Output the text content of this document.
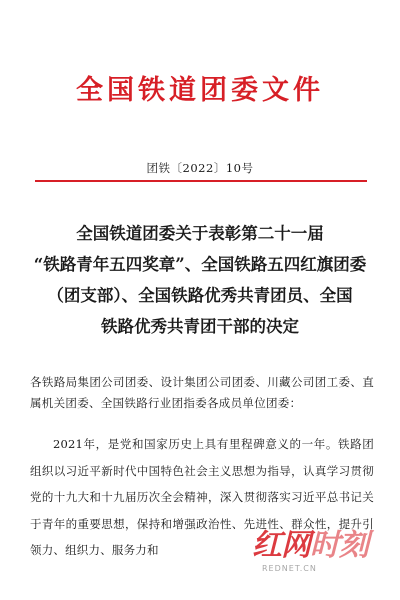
全国铁道团委文件
团铁〔2022〕10号
全国铁道团委关于表彰第二十一届
“铁路青年五四奖章”、全国铁路五四红旗团委
（团支部）、全国铁路优秀共青团员、全国
铁路优秀共青团干部的决定
各铁路局集团公司团委、设计集团公司团委、川藏公司团工委、直属机关团委、全国铁路行业团指委各成员单位团委：
2021年，是党和国家历史上具有里程碑意义的一年。铁路团组织以习近平新时代中国特色社会主义思想为指导，认真学习贯彻党的十九大和十九届历次全会精神，深入贯彻落实习近平总书记关于青年的重要思想，保持和增强政治性、先进性、群众性，提升引领力、组织力、服务力和	红网时刻
REDNET.CN
